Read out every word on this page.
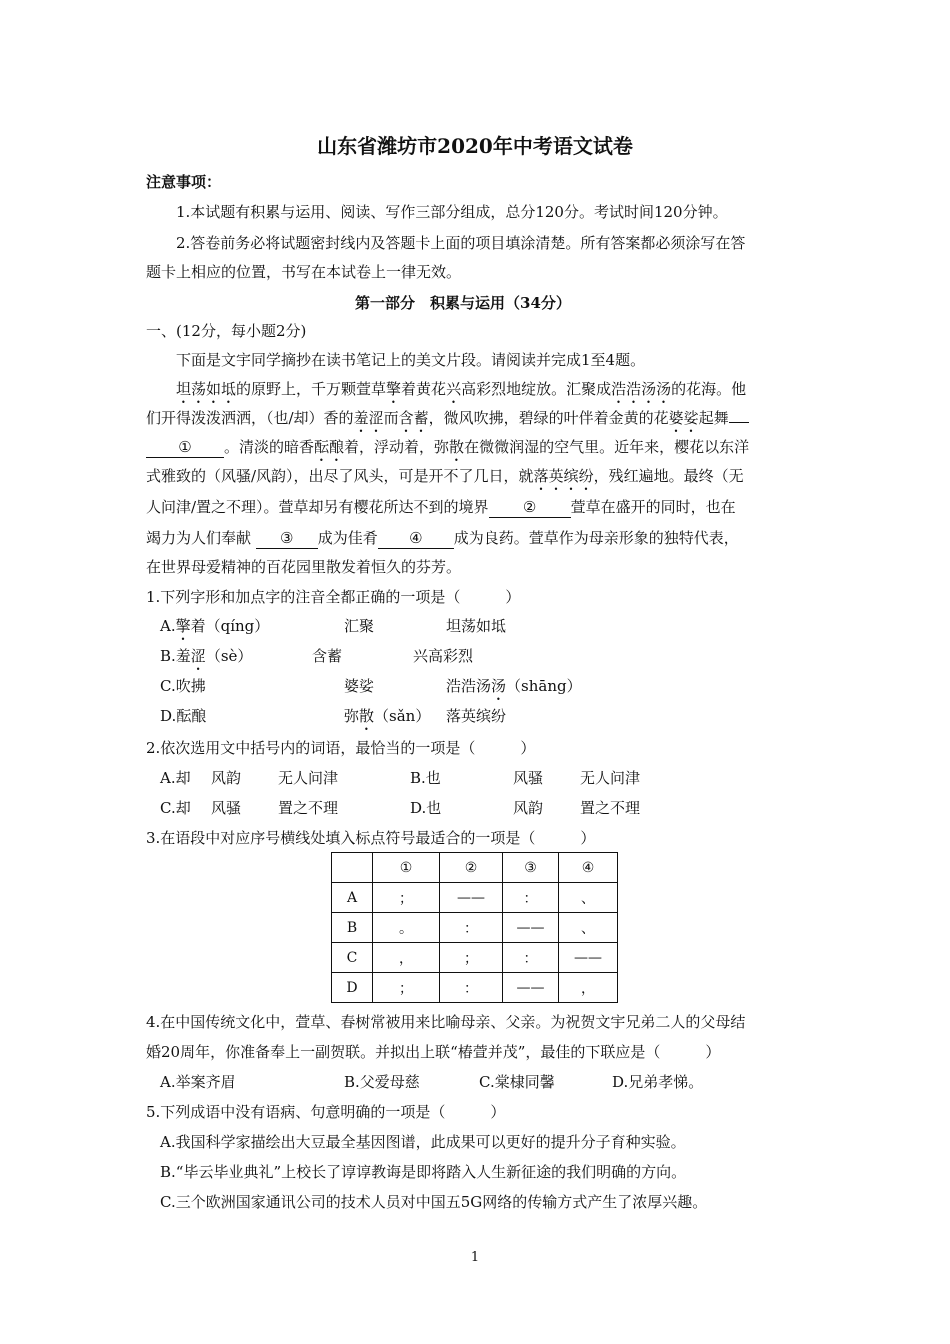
山东省潍坊市2020年中考语文试卷
注意事项：
1.本试题有积累与运用、阅读、写作三部分组成，总分120分。考试时间120分钟。
2.答卷前务必将试题密封线内及答题卡上面的项目填涂清楚。所有答案都必须涂写在答
题卡上相应的位置，书写在本试卷上一律无效。
第一部分　积累与运用（34分）
一、(12分，每小题2分)
下面是文宇同学摘抄在读书笔记上的美文片段。请阅读并完成1至4题。
坦荡如坻的原野上，千万颗萱草擎着黄花兴高彩烈地绽放。汇聚成浩浩汤汤的花海。他
们开得泼泼洒洒，（也/却）香的羞涩而含蓄，微风吹拂，碧绿的叶伴着金黄的花婆娑起舞
① 。清淡的暗香酝酿着，浮动着，弥散在微微润湿的空气里。近年来，樱花以东洋
式雅致的（风骚/风韵），出尽了风头，可是开不了几日，就落英缤纷，残红遍地。最终（无
人问津/置之不理）。萱草却另有樱花所达不到的境界 ② 萱草在盛开的同时，也在
竭力为人们奉献 ③ 成为佳肴 ④ 成为良药。萱草作为母亲形象的独特代表，
在世界母爱精神的百花园里散发着恒久的芬芳。
1.下列字形和加点字的注音全都正确的一项是（　　　）
A.擎着（qíng）	汇聚	坦荡如坻
B.羞涩（sè）	含蓄	兴高彩烈
C.吹拂	婆娑	浩浩汤汤（shāng）
D.酝酿	弥散（sǎn） 落英缤纷
2.依次选用文中括号内的词语，最恰当的一项是（　　　）
A.却 风韵 无人问津	B.也	风骚 无人问津
C.却 风骚 置之不理	D.也	风韵 置之不理
3.在语段中对应序号横线处填入标点符号最适合的一项是（　　　）
	①	②	③	④
A	；	——	：	、
B	。	：	——	、
C	，	；	：	——
D	；	：	——	，
4.在中国传统文化中，萱草、春树常被用来比喻母亲、父亲。为祝贺文宇兄弟二人的父母结
婚20周年，你准备奉上一副贺联。并拟出上联“椿萱并茂”，最佳的下联应是（　　　）
A.举案齐眉	B.父爱母慈	C.棠棣同馨	D.兄弟孝悌。
5.下列成语中没有语病、句意明确的一项是（　　　）
A.我国科学家描绘出大豆最全基因图谱，此成果可以更好的提升分子育种实验。
B.“毕云毕业典礼”上校长了谆谆教诲是即将踏入人生新征途的我们明确的方向。
C.三个欧洲国家通讯公司的技术人员对中国五5G网络的传输方式产生了浓厚兴趣。
1
